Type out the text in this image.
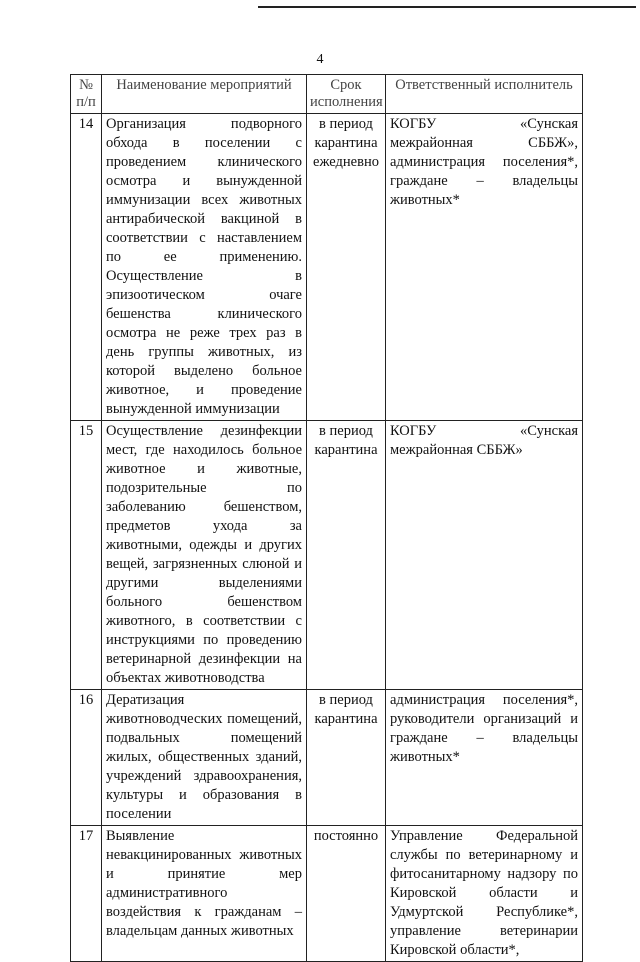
4
№ п/п	Наименование мероприятий	Срок исполнения	Ответственный исполнитель
14	Организация подворного обхода в поселении с проведением клинического осмотра и вынужденной иммунизации всех животных антирабической вакциной в соответствии с наставлением по ее применению. Осуществление в эпизоотическом очаге бешенства клинического осмотра не реже трех раз в день группы животных, из которой выделено больное животное, и проведение вынужденной иммунизации	в период карантина ежедневно	КОГБУ «Сунская межрайонная СББЖ», администрация поселения*, граждане – владельцы животных*
15	Осуществление дезинфекции мест, где находилось больное животное и животные, подозрительные по заболеванию бешенством, предметов ухода за животными, одежды и других вещей, загрязненных слюной и другими выделениями больного бешенством животного, в соответствии с инструкциями по проведению ветеринарной дезинфекции на объектах животноводства	в период карантина	КОГБУ «Сунская межрайонная СББЖ»
16	Дератизация животноводческих помещений, подвальных помещений жилых, общественных зданий, учреждений здравоохранения, культуры и образования в поселении	в период карантина	администрация поселения*, руководители организаций и граждане – владельцы животных*
17	Выявление невакцинированных животных и принятие мер административного воздействия к гражданам – владельцам данных животных	постоянно	Управление Федеральной службы по ветеринарному и фитосанитарному надзору по Кировской области и Удмуртской Республике*, управление ветеринарии Кировской области*,
